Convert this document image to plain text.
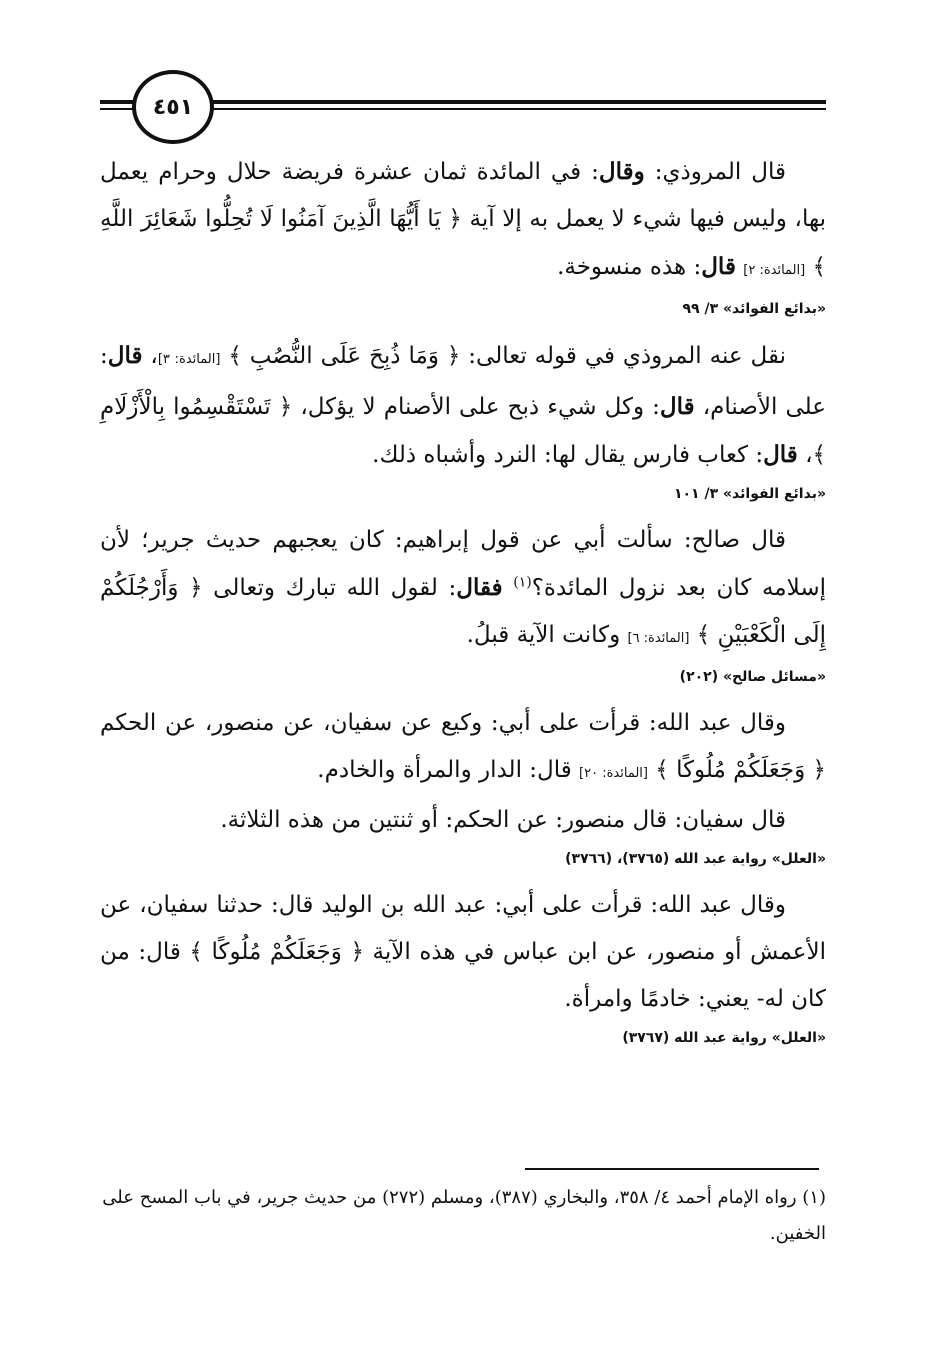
٤٥١

قال المروذي: وقال: في المائدة ثمان عشرة فريضة حلال وحرام يعمل بها، وليس فيها شيء لا يعمل به إلا آية ﴿ يَا أَيُّهَا الَّذِينَ آمَنُوا لَا تُحِلُّوا شَعَائِرَ اللَّهِ ﴾ [المائدة: ٢] قال: هذه منسوخة.

«بدائع الفوائد» ٣/ ٩٩

نقل عنه المروذي في قوله تعالى: ﴿ وَمَا ذُبِحَ عَلَى النُّصُبِ ﴾ [المائدة: ٣]، قال: على الأصنام، قال: وكل شيء ذبح على الأصنام لا يؤكل، ﴿ تَسْتَقْسِمُوا بِالْأَزْلَامِ ﴾، قال: كعاب فارس يقال لها: النرد وأشباه ذلك.

«بدائع الفوائد» ٣/ ١٠١

قال صالح: سألت أبي عن قول إبراهيم: كان يعجبهم حديث جرير؛ لأن إسلامه كان بعد نزول المائدة؟$^{(١)}$ فقال: لقول الله تبارك وتعالى ﴿ وَأَرْجُلَكُمْ إِلَى الْكَعْبَيْنِ ﴾ [المائدة: ٦] وكانت الآية قبلُ.

«مسائل صالح» (٢٠٢)

وقال عبد الله: قرأت على أبي: وكيع عن سفيان، عن منصور، عن الحكم ﴿ وَجَعَلَكُمْ مُلُوكًا ﴾ [المائدة: ٢٠] قال: الدار والمرأة والخادم.

قال سفيان: قال منصور: عن الحكم: أو ثنتين من هذه الثلاثة.

«العلل» رواية عبد الله (٣٧٦٥)، (٣٧٦٦)

وقال عبد الله: قرأت على أبي: عبد الله بن الوليد قال: حدثنا سفيان، عن الأعمش أو منصور، عن ابن عباس في هذه الآية ﴿ وَجَعَلَكُمْ مُلُوكًا ﴾ قال: من كان له- يعني: خادمًا وامرأة.

«العلل» رواية عبد الله (٣٧٦٧)

(١) رواه الإمام أحمد ٤/ ٣٥٨، والبخاري (٣٨٧)، ومسلم (٢٧٢) من حديث جرير، في باب المسح على الخفين.
